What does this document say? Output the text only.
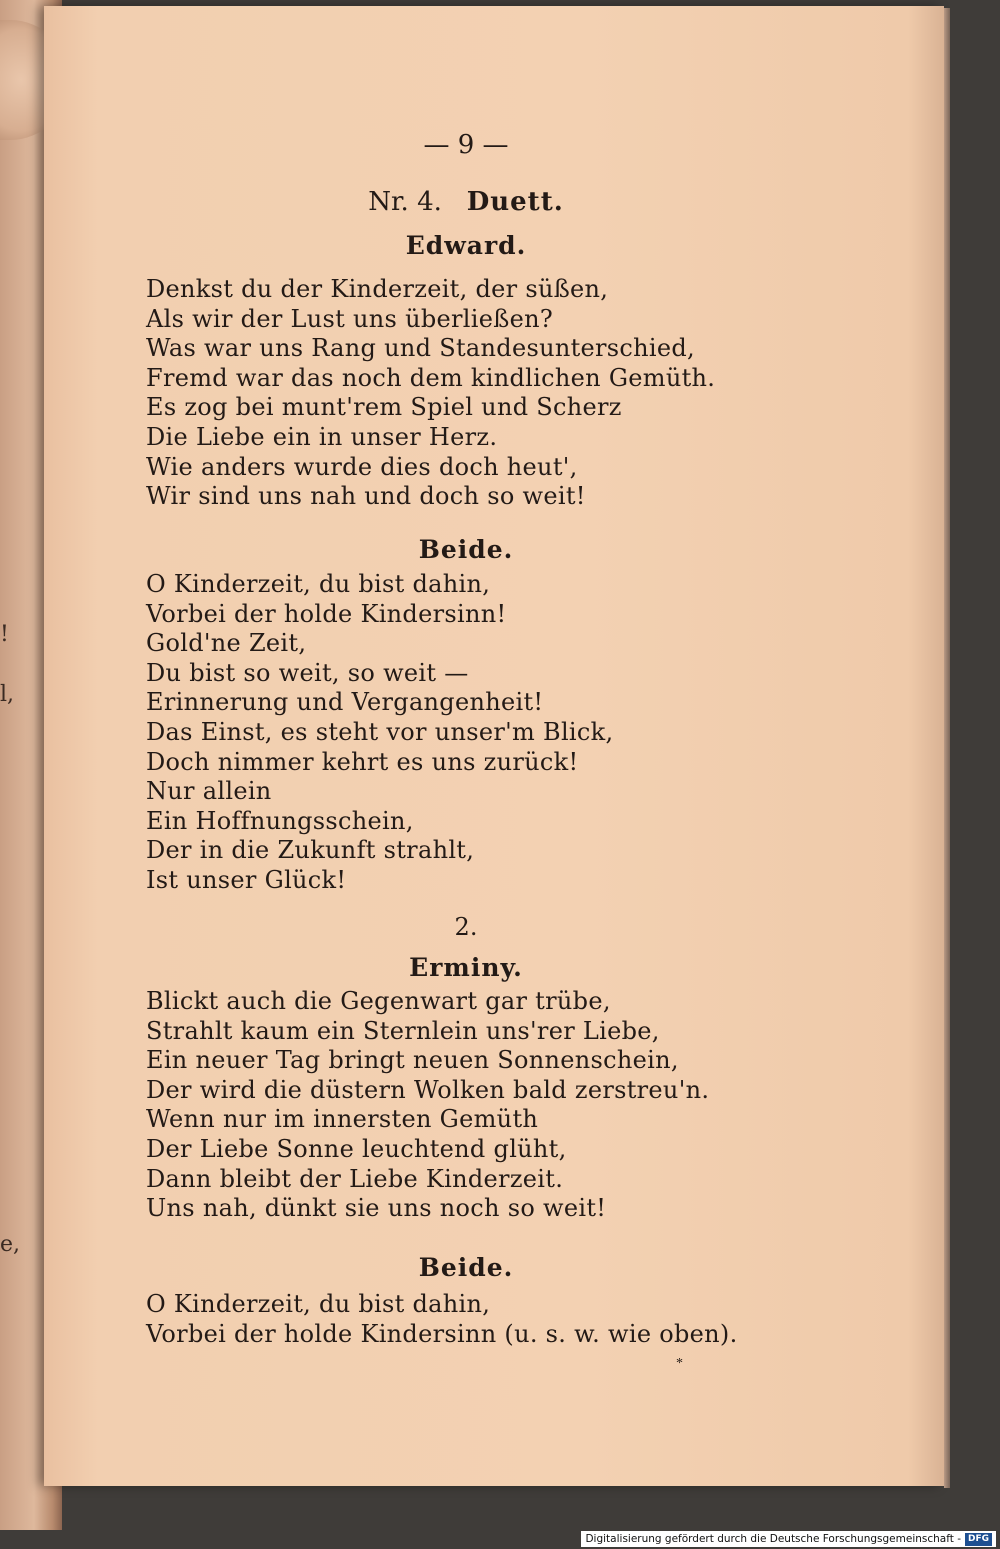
!
l,
e,
— 9 —
Nr. 4. Duett.
Edward.
Denkst du der Kinderzeit, der süßen,
Als wir der Lust uns überließen?
Was war uns Rang und Standesunterschied,
Fremd war das noch dem kindlichen Gemüth.
Es zog bei munt'rem Spiel und Scherz
Die Liebe ein in unser Herz.
Wie anders wurde dies doch heut',
Wir sind uns nah und doch so weit!
Beide.
O Kinderzeit, du bist dahin,
Vorbei der holde Kindersinn!
Gold'ne Zeit,
Du bist so weit, so weit —
Erinnerung und Vergangenheit!
Das Einst, es steht vor unser'm Blick,
Doch nimmer kehrt es uns zurück!
Nur allein
Ein Hoffnungsschein,
Der in die Zukunft strahlt,
Ist unser Glück!
2.
Erminy.
Blickt auch die Gegenwart gar trübe,
Strahlt kaum ein Sternlein uns'rer Liebe,
Ein neuer Tag bringt neuen Sonnenschein,
Der wird die düstern Wolken bald zerstreu'n.
Wenn nur im innersten Gemüth
Der Liebe Sonne leuchtend glüht,
Dann bleibt der Liebe Kinderzeit.
Uns nah, dünkt sie uns noch so weit!
Beide.
O Kinderzeit, du bist dahin,
Vorbei der holde Kindersinn (u. s. w. wie oben).
*
Digitalisierung gefördert durch die Deutsche Forschungsgemeinschaft - DFG
